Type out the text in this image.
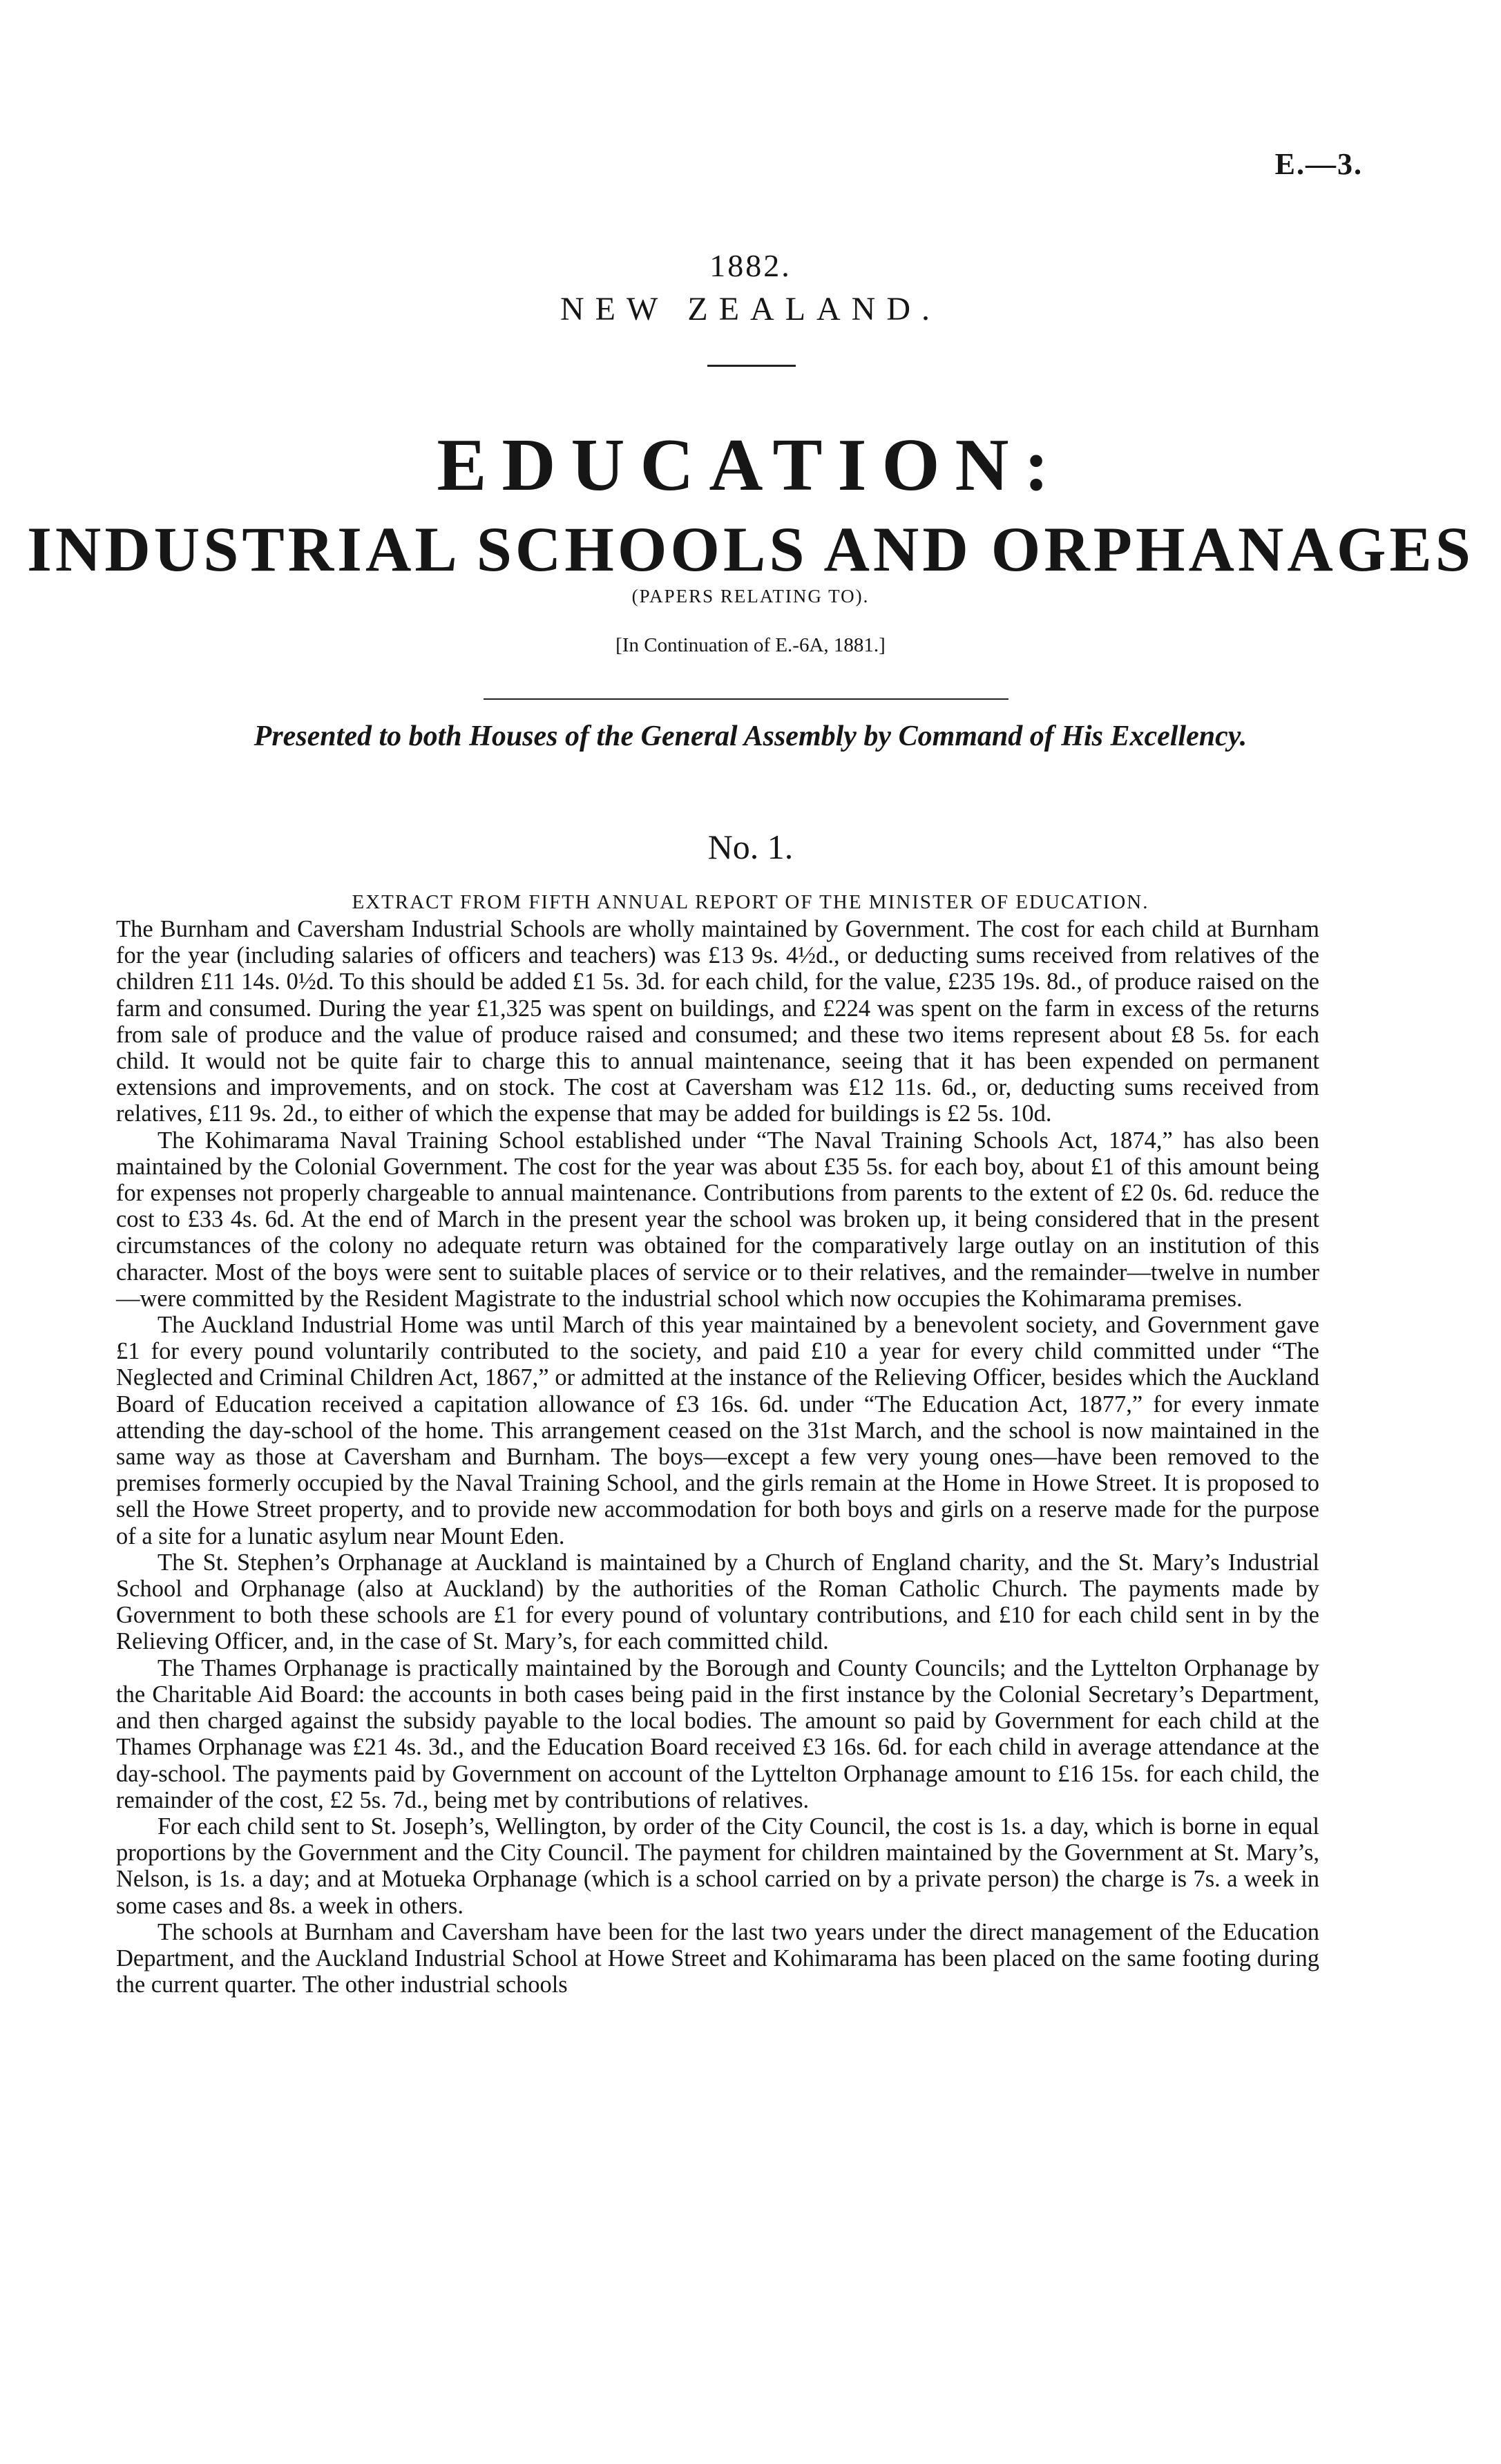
E.—3.
1882.
NEW ZEALAND.
EDUCATION:
INDUSTRIAL SCHOOLS AND ORPHANAGES
(PAPERS RELATING TO).
[In Continuation of E.-6A, 1881.]
Presented to both Houses of the General Assembly by Command of His Excellency.
No. 1.
EXTRACT FROM FIFTH ANNUAL REPORT OF THE MINISTER OF EDUCATION.

The Burnham and Caversham Industrial Schools are wholly maintained by Government. The cost for each child at Burnham for the year (including salaries of officers and teachers) was £13 9s. 4½d., or deducting sums received from relatives of the children £11 14s. 0½d. To this should be added £1 5s. 3d. for each child, for the value, £235 19s. 8d., of produce raised on the farm and consumed. During the year £1,325 was spent on buildings, and £224 was spent on the farm in excess of the returns from sale of produce and the value of produce raised and consumed; and these two items represent about £8 5s. for each child. It would not be quite fair to charge this to annual maintenance, seeing that it has been expended on permanent extensions and improvements, and on stock. The cost at Caversham was £12 11s. 6d., or, deducting sums received from relatives, £11 9s. 2d., to either of which the expense that may be added for buildings is £2 5s. 10d.

The Kohimarama Naval Training School established under “The Naval Training Schools Act, 1874,” has also been maintained by the Colonial Government. The cost for the year was about £35 5s. for each boy, about £1 of this amount being for expenses not properly chargeable to annual maintenance. Contributions from parents to the extent of £2 0s. 6d. reduce the cost to £33 4s. 6d. At the end of March in the present year the school was broken up, it being considered that in the present circumstances of the colony no adequate return was obtained for the comparatively large outlay on an institution of this character. Most of the boys were sent to suitable places of service or to their relatives, and the remainder—twelve in number—were committed by the Resident Magistrate to the industrial school which now occupies the Kohimarama premises.

The Auckland Industrial Home was until March of this year maintained by a benevolent society, and Government gave £1 for every pound voluntarily contributed to the society, and paid £10 a year for every child committed under “The Neglected and Criminal Children Act, 1867,” or admitted at the instance of the Relieving Officer, besides which the Auckland Board of Education received a capitation allowance of £3 16s. 6d. under “The Education Act, 1877,” for every inmate attending the day-school of the home. This arrangement ceased on the 31st March, and the school is now maintained in the same way as those at Caversham and Burnham. The boys—except a few very young ones—have been removed to the premises formerly occupied by the Naval Training School, and the girls remain at the Home in Howe Street. It is proposed to sell the Howe Street property, and to provide new accommodation for both boys and girls on a reserve made for the purpose of a site for a lunatic asylum near Mount Eden.

The St. Stephen’s Orphanage at Auckland is maintained by a Church of England charity, and the St. Mary’s Industrial School and Orphanage (also at Auckland) by the authorities of the Roman Catholic Church. The payments made by Government to both these schools are £1 for every pound of voluntary contributions, and £10 for each child sent in by the Relieving Officer, and, in the case of St. Mary’s, for each committed child.

The Thames Orphanage is practically maintained by the Borough and County Councils; and the Lyttelton Orphanage by the Charitable Aid Board: the accounts in both cases being paid in the first instance by the Colonial Secretary’s Department, and then charged against the subsidy payable to the local bodies. The amount so paid by Government for each child at the Thames Orphanage was £21 4s. 3d., and the Education Board received £3 16s. 6d. for each child in average attendance at the day-school. The payments paid by Government on account of the Lyttelton Orphanage amount to £16 15s. for each child, the remainder of the cost, £2 5s. 7d., being met by contributions of relatives.

For each child sent to St. Joseph’s, Wellington, by order of the City Council, the cost is 1s. a day, which is borne in equal proportions by the Government and the City Council. The payment for children maintained by the Government at St. Mary’s, Nelson, is 1s. a day; and at Motueka Orphanage (which is a school carried on by a private person) the charge is 7s. a week in some cases and 8s. a week in others.

The schools at Burnham and Caversham have been for the last two years under the direct management of the Education Department, and the Auckland Industrial School at Howe Street and Kohimarama has been placed on the same footing during the current quarter. The other industrial schools
